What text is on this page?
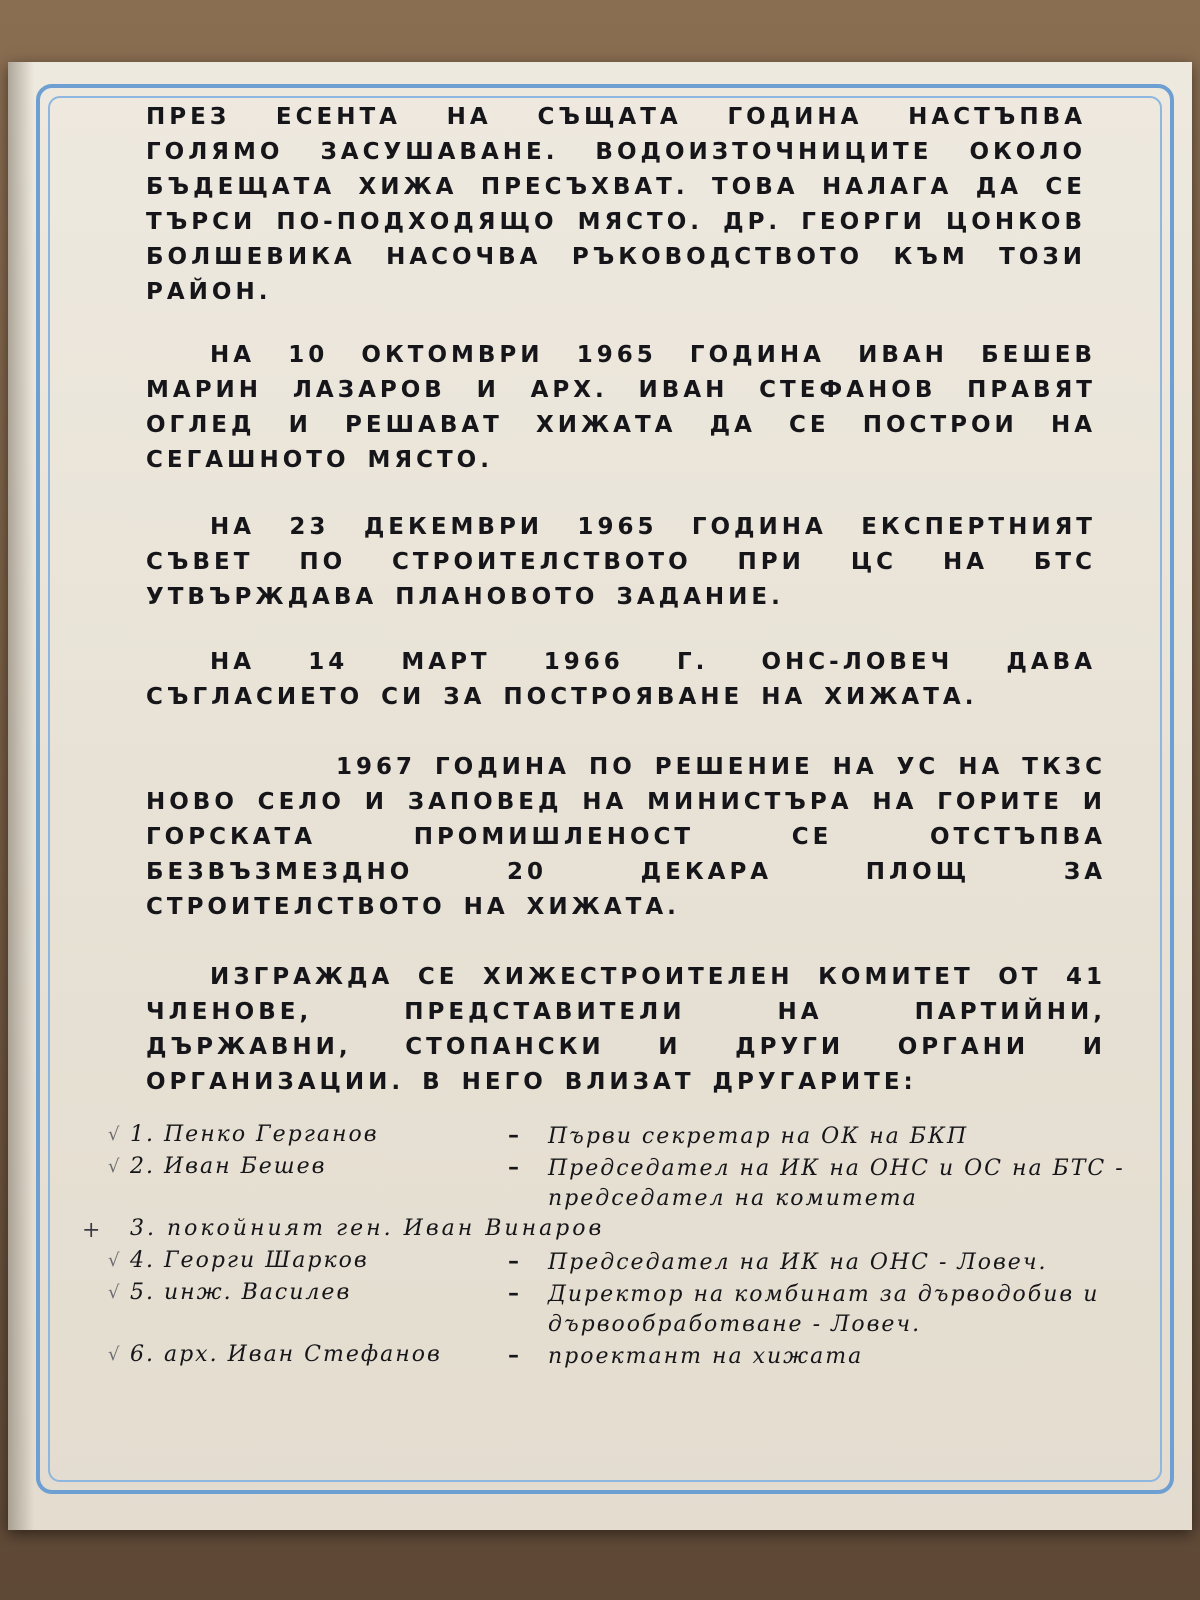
ПРЕЗ ЕСЕНТА НА СЪЩАТА ГОДИНА НАСТЪПВА ГОЛЯМО ЗАСУШАВАНЕ. ВОДОИЗТОЧНИЦИТЕ ОКОЛО БЪДЕЩАТА ХИЖА ПРЕСЪХВАТ. ТОВА НАЛАГА ДА СЕ ТЪРСИ ПО-ПОДХОДЯЩО МЯСТО. ДР. ГЕОРГИ ЦОНКОВ БОЛШЕВИКА НАСОЧВА РЪКОВОДСТВОТО КЪМ ТОЗИ РАЙОН.

НА 10 ОКТОМВРИ 1965 ГОДИНА ИВАН БЕШЕВ МАРИН ЛАЗАРОВ И АРХ. ИВАН СТЕФАНОВ ПРАВЯТ ОГЛЕД И РЕШАВАТ ХИЖАТА ДА СЕ ПОСТРОИ НА СЕГАШНОТО МЯСТО.

НА 23 ДЕКЕМВРИ 1965 ГОДИНА ЕКСПЕРТНИЯТ СЪВЕТ ПО СТРОИТЕЛСТВОТО ПРИ ЦС НА БТС УТВЪРЖДАВА ПЛАНОВОТО ЗАДАНИЕ.

НА 14 МАРТ 1966 Г. ОНС-ЛОВЕЧ ДАВА СЪГЛАСИЕТО СИ ЗА ПОСТРОЯВАНЕ НА ХИЖАТА.

1967 ГОДИНА ПО РЕШЕНИЕ НА УС НА ТКЗС НОВО СЕЛО И ЗАПОВЕД НА МИНИСТЪРА НА ГОРИТЕ И ГОРСКАТА ПРОМИШЛЕНОСТ СЕ ОТСТЪПВА БЕЗВЪЗМЕЗДНО 20 ДЕКАРА ПЛОЩ ЗА СТРОИТЕЛСТВОТО НА ХИЖАТА.

ИЗГРАЖДА СЕ ХИЖЕСТРОИТЕЛЕН КОМИТЕТ ОТ 41 ЧЛЕНОВЕ, ПРЕДСТАВИТЕЛИ НА ПАРТИЙНИ, ДЪРЖАВНИ, СТОПАНСКИ И ДРУГИ ОРГАНИ И ОРГАНИЗАЦИИ. В НЕГО ВЛИЗАТ ДРУГАРИТЕ:

√ 1. Пенко Герганов	– Първи секретар на ОК на БКП
√ 2. Иван Бешев	– Председател на ИК на ОНС и ОС на БТС - председател на комитета
+ 3. покойният ген. Иван Винаров
√ 4. Георги Шарков	– Председател на ИК на ОНС - Ловеч.
√ 5. инж. Василев	– Директор на комбинат за дърводобив и дървообработване - Ловеч.
√ 6. арх. Иван Стефанов	– проектант на хижата
